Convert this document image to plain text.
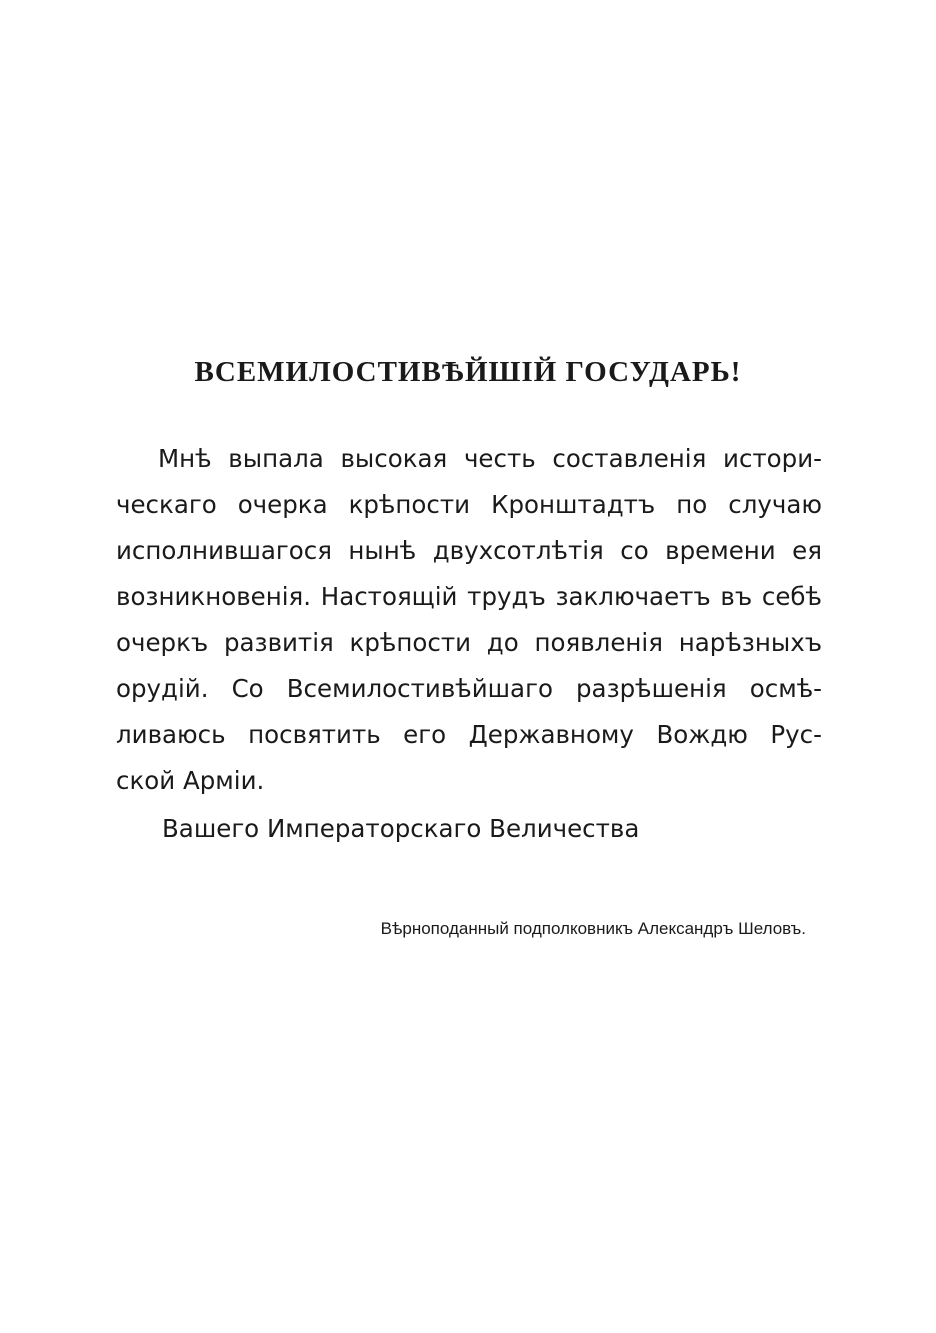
ВСЕМИЛОСТИВѢЙШІЙ ГОСУДАРЬ!
Мнѣ выпала высокая честь составленія истори-
ческаго очерка крѣпости Кронштадтъ по случаю
исполнившагося нынѣ двухсотлѣтія со времени ея
возникновенія. Настоящій трудъ заключаетъ въ себѣ
очеркъ развитія крѣпости до появленія нарѣзныхъ
орудій. Со Всемилостивѣйшаго разрѣшенія осмѣ-
ливаюсь посвятить его Державному Вождю Рус-
ской Арміи.
Вашего Императорскаго Величества
Вѣрноподанный подполковникъ Александръ Шеловъ.
